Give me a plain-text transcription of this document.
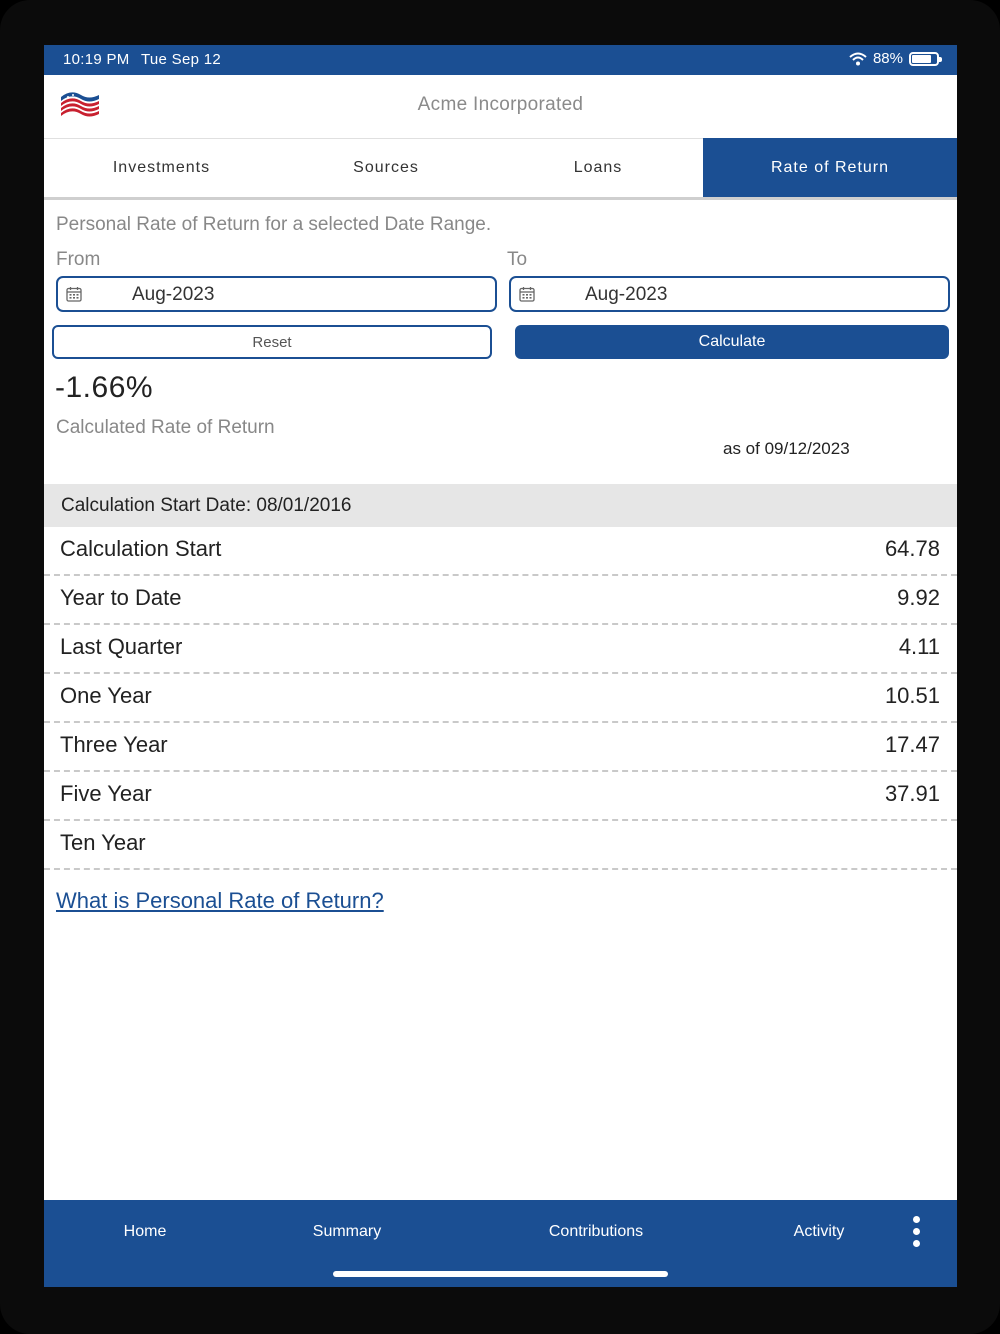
10:19 PM Tue Sep 12	88%
Acme Incorporated
Investments	Sources	Loans	Rate of Return
Personal Rate of Return for a selected Date Range.
From	To
Aug-2023	Aug-2023
Reset	Calculate
-1.66%
Calculated Rate of Return
as of 09/12/2023
Calculation Start Date: 08/01/2016
Calculation Start	64.78
Year to Date	9.92
Last Quarter	4.11
One Year	10.51
Three Year	17.47
Five Year	37.91
Ten Year
What is Personal Rate of Return?
Home	Summary	Contributions	Activity
